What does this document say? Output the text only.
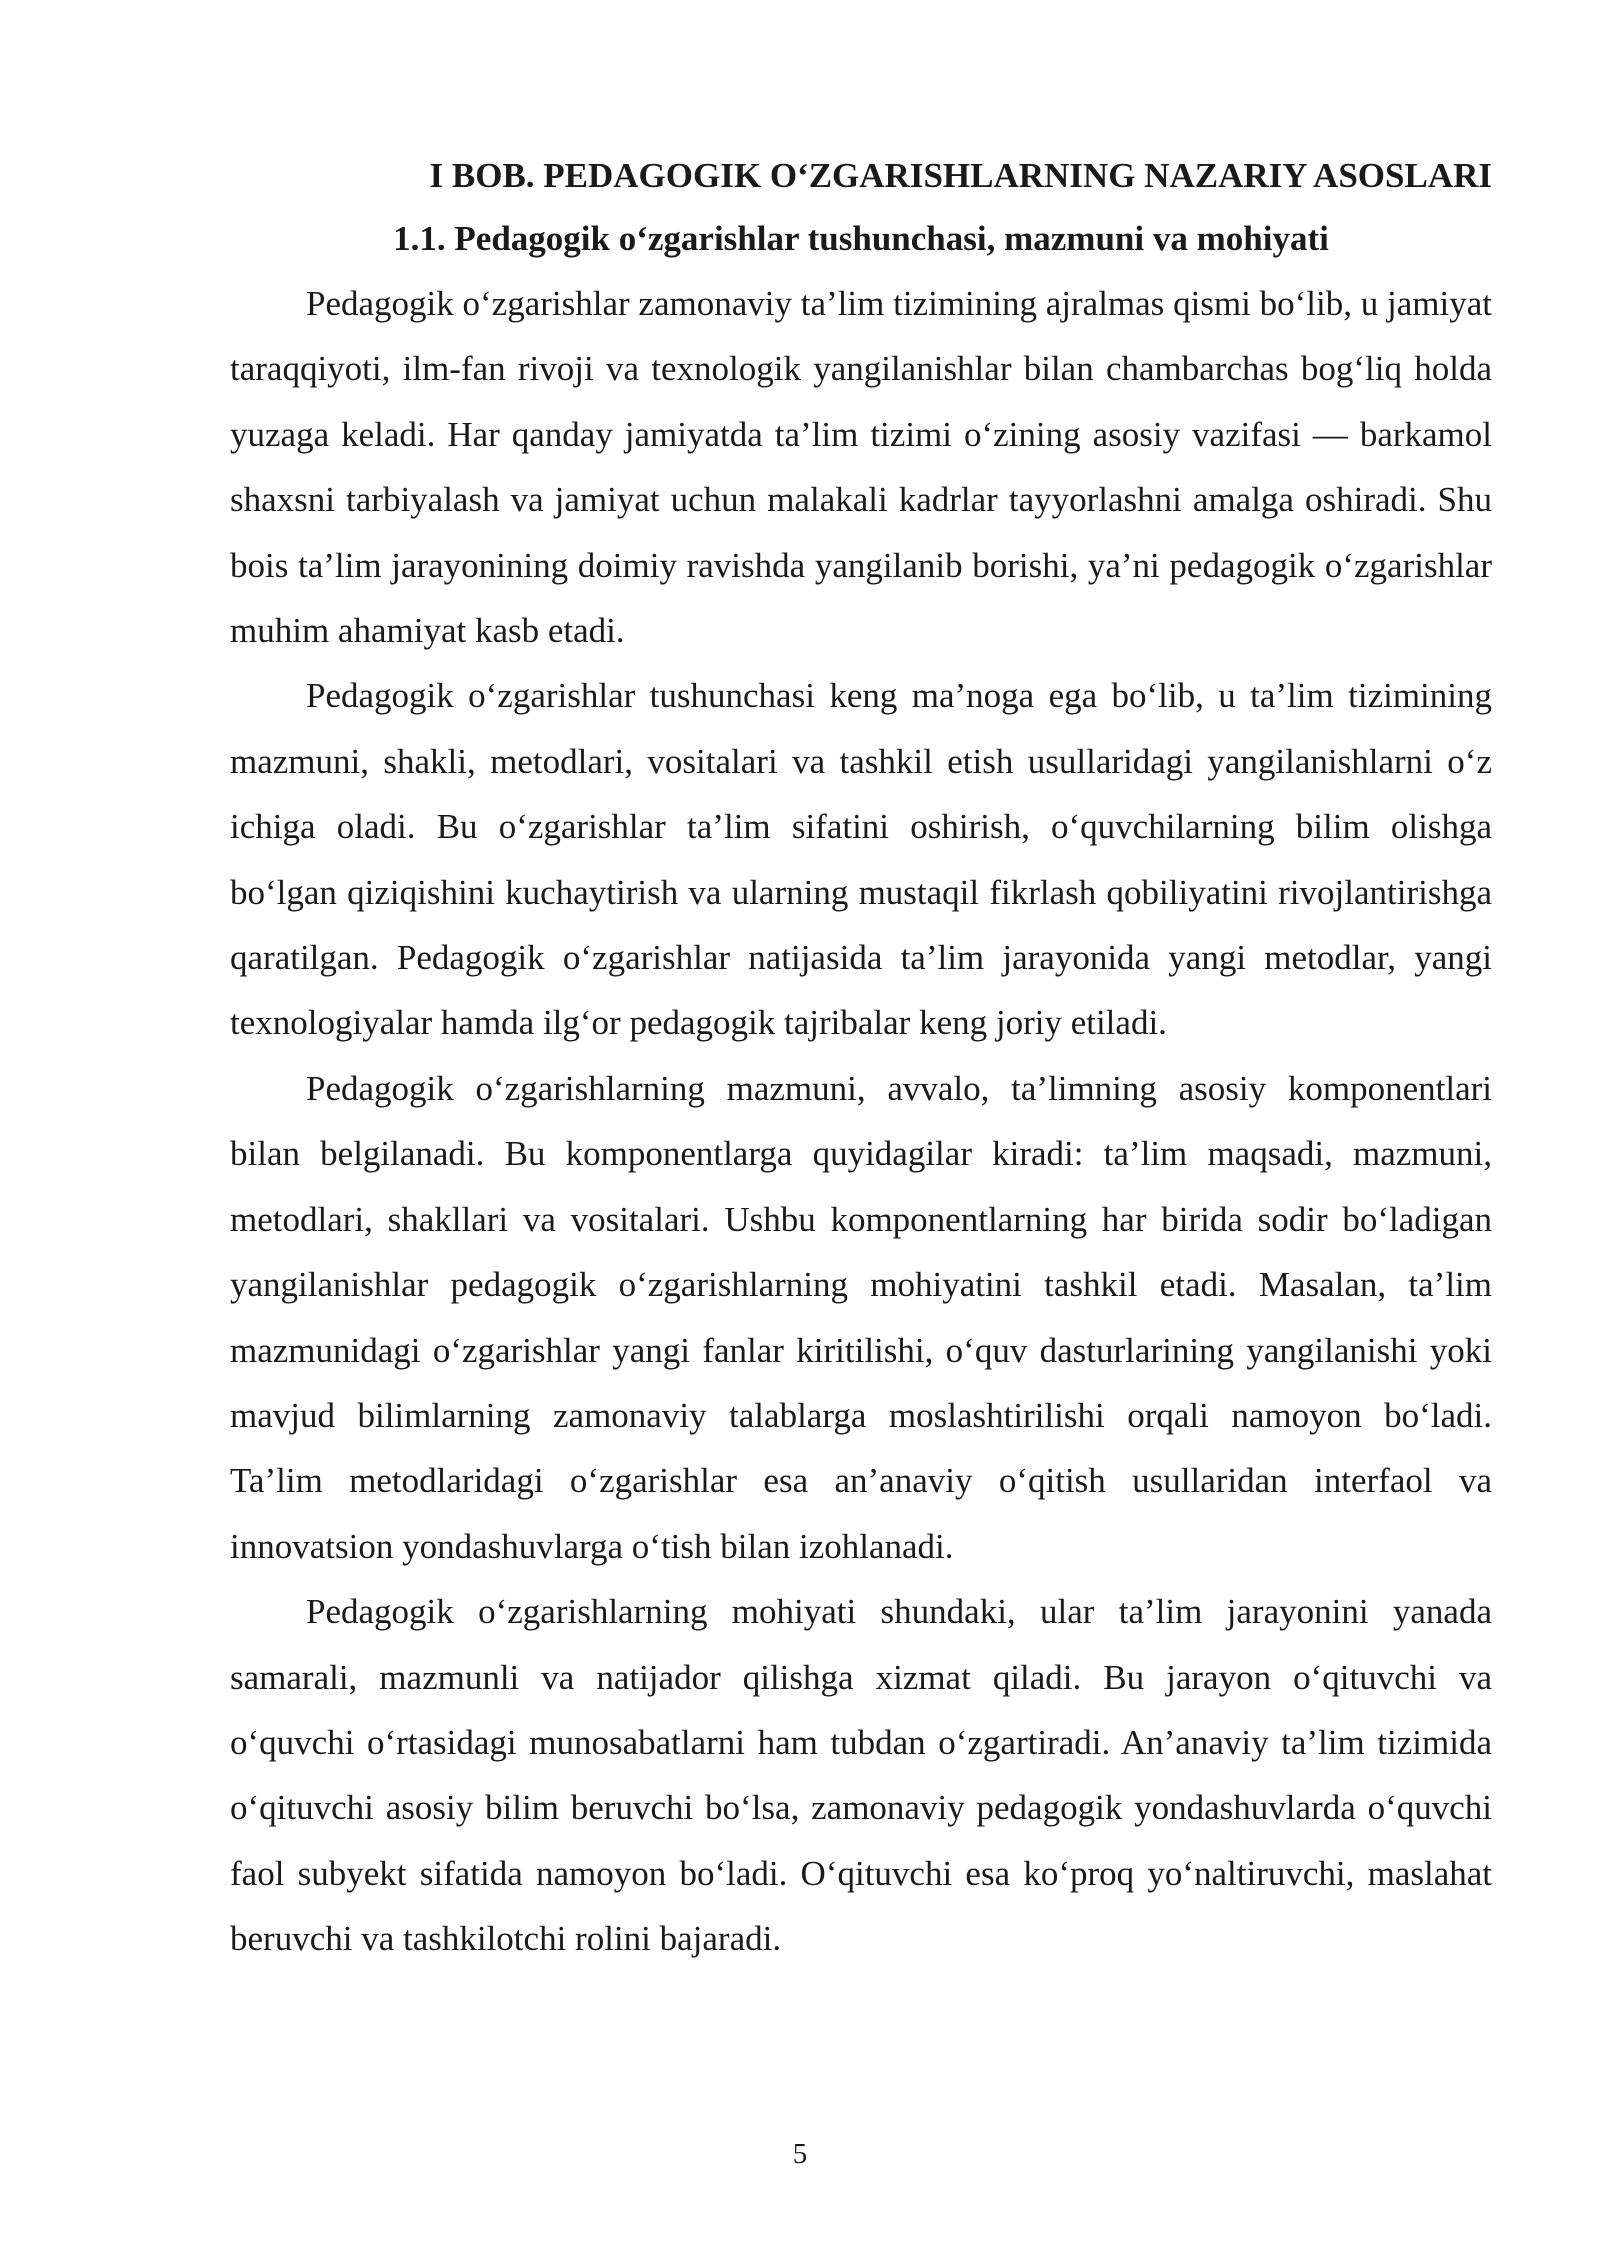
I BOB. PEDAGOGIK O‘ZGARISHLARNING NAZARIY ASOSLARI
1.1. Pedagogik o‘zgarishlar tushunchasi, mazmuni va mohiyati

Pedagogik o‘zgarishlar zamonaviy ta’lim tizimining ajralmas qismi bo‘lib, u jamiyat taraqqiyoti, ilm-fan rivoji va texnologik yangilanishlar bilan chambarchas bog‘liq holda yuzaga keladi. Har qanday jamiyatda ta’lim tizimi o‘zining asosiy vazifasi — barkamol shaxsni tarbiyalash va jamiyat uchun malakali kadrlar tayyorlashni amalga oshiradi. Shu bois ta’lim jarayonining doimiy ravishda yangilanib borishi, ya’ni pedagogik o‘zgarishlar muhim ahamiyat kasb etadi.

Pedagogik o‘zgarishlar tushunchasi keng ma’noga ega bo‘lib, u ta’lim tizimining mazmuni, shakli, metodlari, vositalari va tashkil etish usullaridagi yangilanishlarni o‘z ichiga oladi. Bu o‘zgarishlar ta’lim sifatini oshirish, o‘quvchilarning bilim olishga bo‘lgan qiziqishini kuchaytirish va ularning mustaqil fikrlash qobiliyatini rivojlantirishga qaratilgan. Pedagogik o‘zgarishlar natijasida ta’lim jarayonida yangi metodlar, yangi texnologiyalar hamda ilg‘or pedagogik tajribalar keng joriy etiladi.

Pedagogik o‘zgarishlarning mazmuni, avvalo, ta’limning asosiy komponentlari bilan belgilanadi. Bu komponentlarga quyidagilar kiradi: ta’lim maqsadi, mazmuni, metodlari, shakllari va vositalari. Ushbu komponentlarning har birida sodir bo‘ladigan yangilanishlar pedagogik o‘zgarishlarning mohiyatini tashkil etadi. Masalan, ta’lim mazmunidagi o‘zgarishlar yangi fanlar kiritilishi, o‘quv dasturlarining yangilanishi yoki mavjud bilimlarning zamonaviy talablarga moslashtirilishi orqali namoyon bo‘ladi. Ta’lim metodlaridagi o‘zgarishlar esa an’anaviy o‘qitish usullaridan interfaol va innovatsion yondashuvlarga o‘tish bilan izohlanadi.

Pedagogik o‘zgarishlarning mohiyati shundaki, ular ta’lim jarayonini yanada samarali, mazmunli va natijador qilishga xizmat qiladi. Bu jarayon o‘qituvchi va o‘quvchi o‘rtasidagi munosabatlarni ham tubdan o‘zgartiradi. An’anaviy ta’lim tizimida o‘qituvchi asosiy bilim beruvchi bo‘lsa, zamonaviy pedagogik yondashuvlarda o‘quvchi faol subyekt sifatida namoyon bo‘ladi. O‘qituvchi esa ko‘proq yo‘naltiruvchi, maslahat beruvchi va tashkilotchi rolini bajaradi.

5
